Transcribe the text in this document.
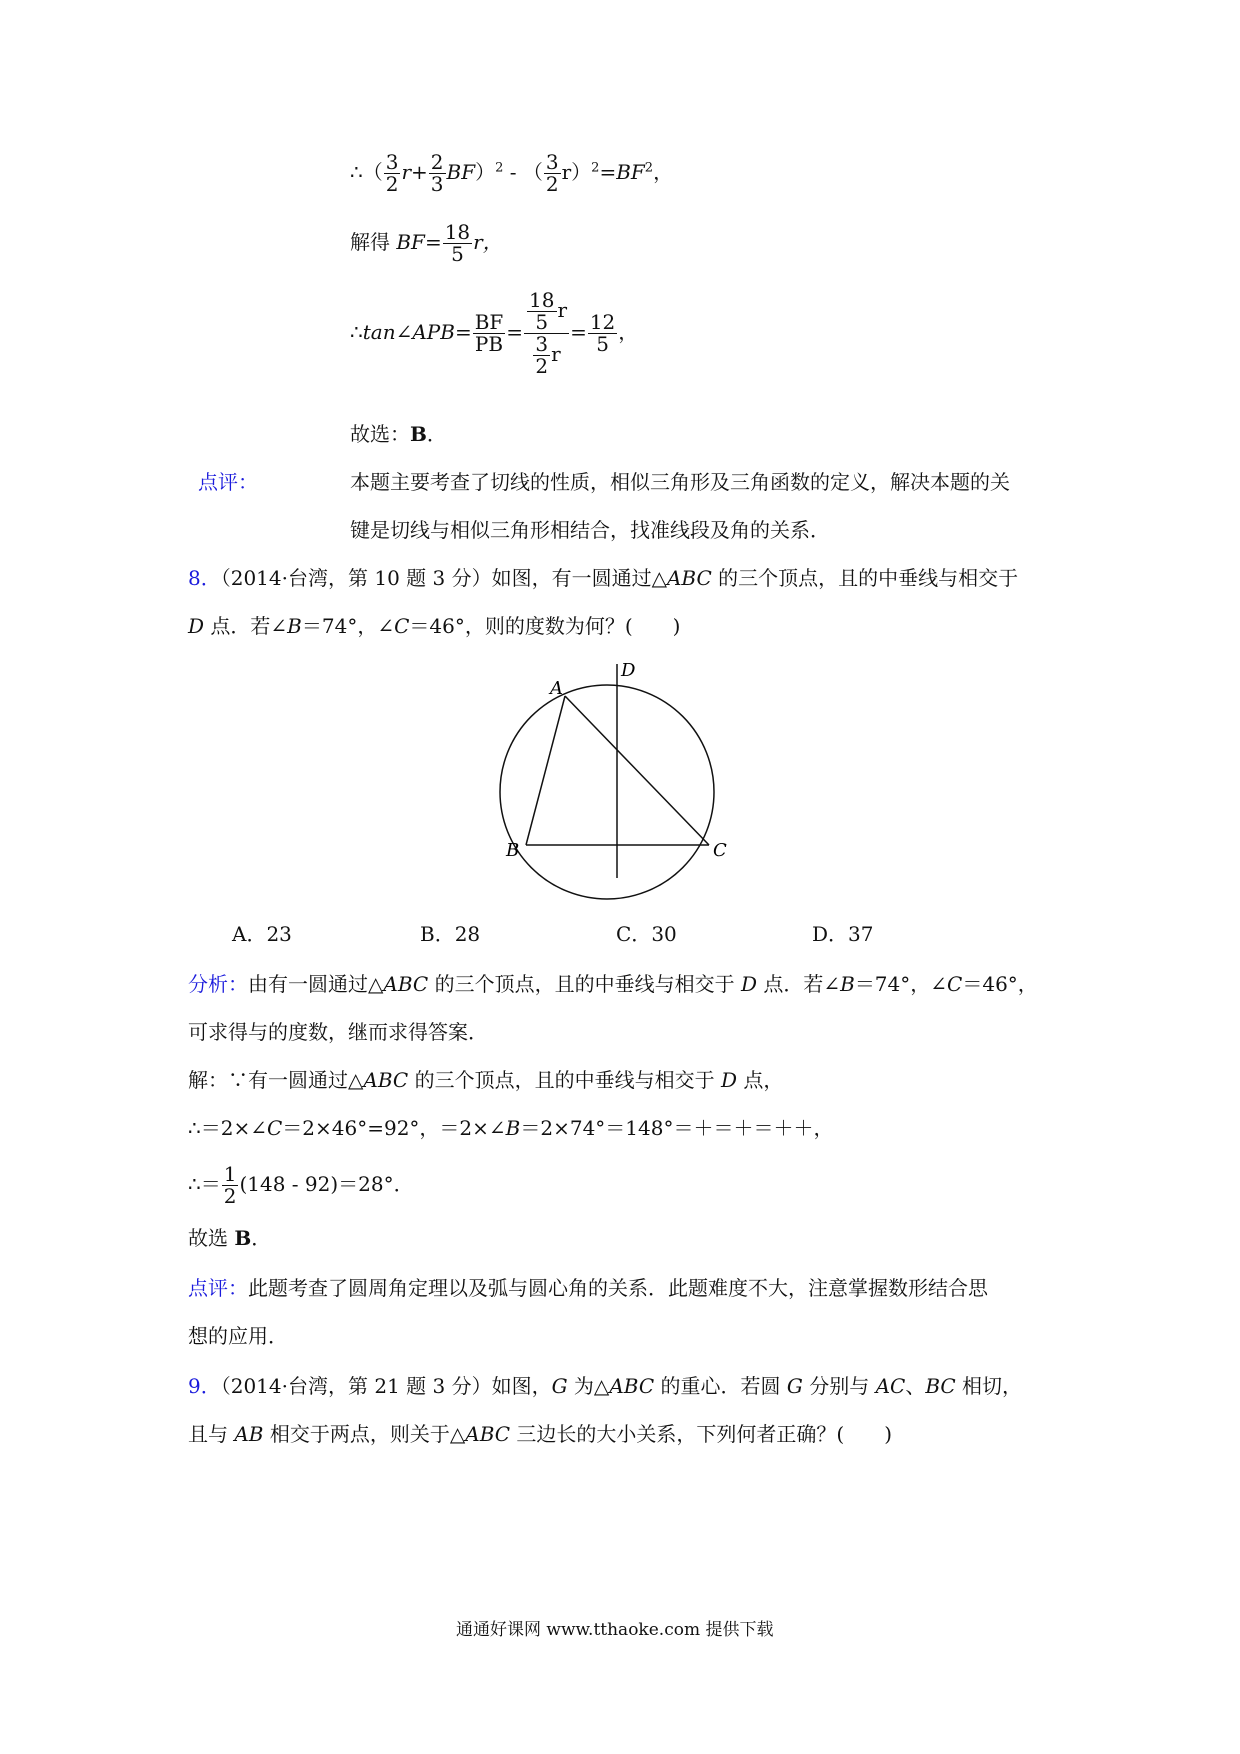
∴（ $\frac{3}{2} r+ \frac{2}{3} BF)^2$ - （ $\frac{3}{2} r)^2=BF^2$，
解得 $BF= \frac{18}{5}$ r，
∴tan∠APB= $\frac{BF}{PB} = \frac{\frac{18}{5} r}{\frac{3}{2} r} = \frac{12}{5}$ ，
故选：B．
点评：	本题主要考查了切线的性质，相似三角形及三角函数的定义，解决本题的关
键是切线与相似三角形相结合，找准线段及角的关系．
8．（2014·台湾，第 10 题 3 分）如图，有一圆通过△ABC 的三个顶点，且的中垂线与相交于
D 点．若∠B＝74°，∠C＝46°，则的度数为何？(　　)
A
D
B	C
A．23	B．28	C．30	D．37
分析：由有一圆通过△ABC 的三个顶点，且的中垂线与相交于 D 点．若∠B＝74°，∠C＝46°，
可求得与的度数，继而求得答案．
解：∵有一圆通过△ABC 的三个顶点，且的中垂线与相交于 D 点，
∴＝2×∠C＝2×46°=92°，＝2×∠B＝2×74°＝148°＝＋＝＋＝＋＋，
∴＝ $\frac{1}{2} (148 - 92)=28^\circ$．
故选 B．
点评：此题考查了圆周角定理以及弧与圆心角的关系．此题难度不大，注意掌握数形结合思
想的应用．
9．（2014·台湾，第 21 题 3 分）如图，G 为△ABC 的重心．若圆 G 分别与 AC、BC 相切，
且与 AB 相交于两点，则关于△ABC 三边长的大小关系，下列何者正确？(　　)
通通好课网 www.tthaoke.com 提供下载
